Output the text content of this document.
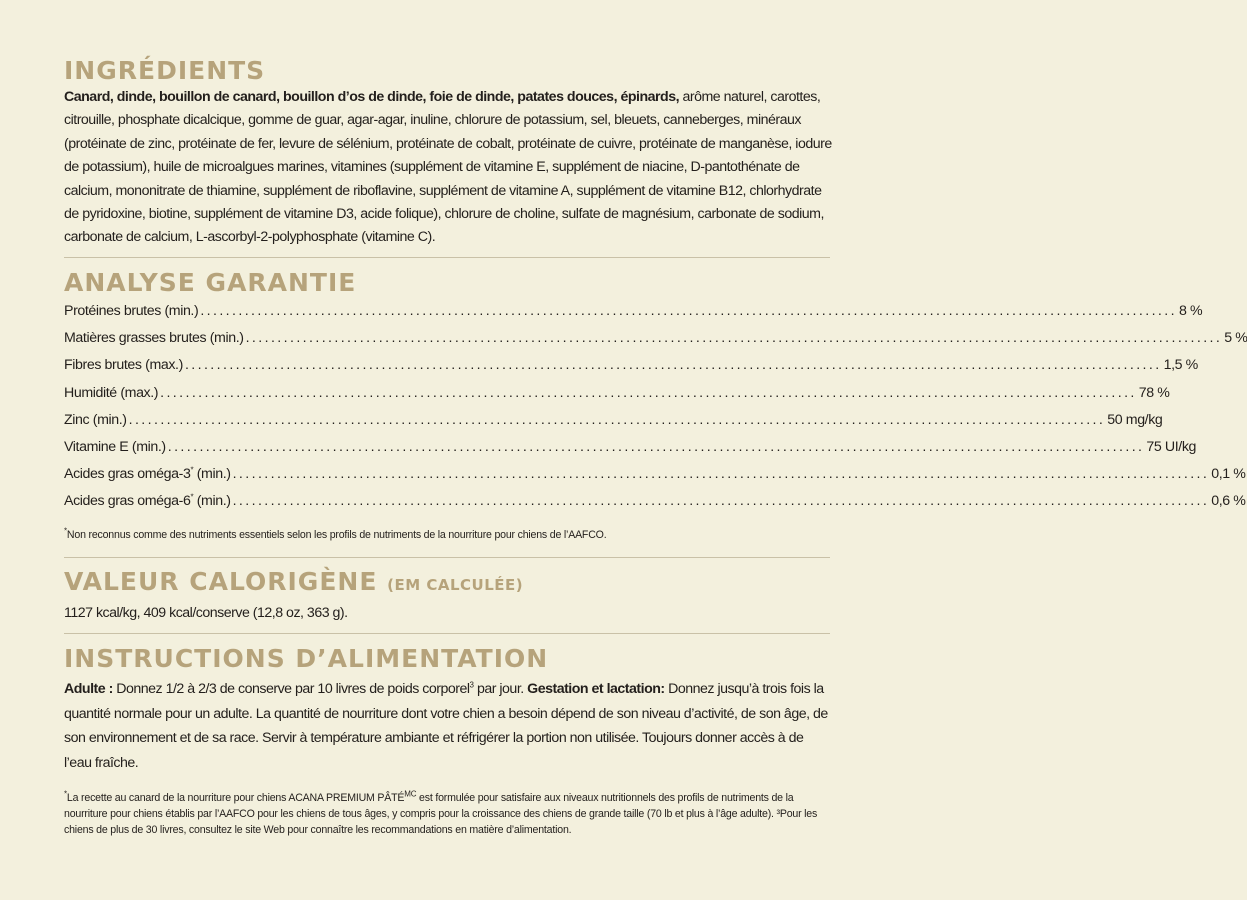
INGRÉDIENTS

Canard, dinde, bouillon de canard, bouillon d’os de dinde, foie de dinde, patates douces, épinards, arôme naturel, carottes, citrouille, phosphate dicalcique, gomme de guar, agar-agar, inuline, chlorure de potassium, sel, bleuets, canneberges, minéraux (protéinate de zinc, protéinate de fer, levure de sélénium, protéinate de cobalt, protéinate de cuivre, protéinate de manganèse, iodure de potassium), huile de microalgues marines, vitamines (supplément de vitamine E, supplément de niacine, D-pantothénate de calcium, mononitrate de thiamine, supplément de riboflavine, supplément de vitamine A, supplément de vitamine B12, chlorhydrate de pyridoxine, biotine, supplément de vitamine D3, acide folique), chlorure de choline, sulfate de magnésium, carbonate de sodium, carbonate de calcium, L-ascorbyl-2-polyphosphate (vitamine C).

ANALYSE GARANTIE
Protéines brutes (min.) .......................................................................................................................................................... 8 %
Matières grasses brutes (min.) .......................................................................................................................................................... 5 %
Fibres brutes (max.) .......................................................................................................................................................... 1,5 %
Humidité (max.) .......................................................................................................................................................... 78 %
Zinc (min.) .......................................................................................................................................................... 50 mg/kg
Vitamine E (min.) .......................................................................................................................................................... 75 UI/kg
Acides gras oméga-3* (min.) .......................................................................................................................................................... 0,1 %
Acides gras oméga-6* (min.) .......................................................................................................................................................... 0,6 %

*Non reconnus comme des nutriments essentiels selon les profils de nutriments de la nourriture pour chiens de l’AAFCO.

VALEUR CALORIGÈNE (EM CALCULÉE)

1127 kcal/kg, 409 kcal/conserve (12,8 oz, 363 g).

INSTRUCTIONS D’ALIMENTATION

Adulte : Donnez 1/2 à 2/3 de conserve par 10 livres de poids corporel$^3$ par jour. Gestation et lactation: Donnez jusqu’à trois fois la quantité normale pour un adulte. La quantité de nourriture dont votre chien a besoin dépend de son niveau d’activité, de son âge, de son environnement et de sa race. Servir à température ambiante et réfrigérer la portion non utilisée. Toujours donner accès à de l’eau fraîche.

*La recette au canard de la nourriture pour chiens ACANA PREMIUM $PÂTÉ^{MC}$ est formulée pour satisfaire aux niveaux nutritionnels des profils de nutriments de la nourriture pour chiens établis par l’AAFCO pour les chiens de tous âges, y compris pour la croissance des chiens de grande taille (70 lb et plus à l’âge adulte). ³Pour les chiens de plus de 30 livres, consultez le site Web pour connaître les recommandations en matière d’alimentation.
